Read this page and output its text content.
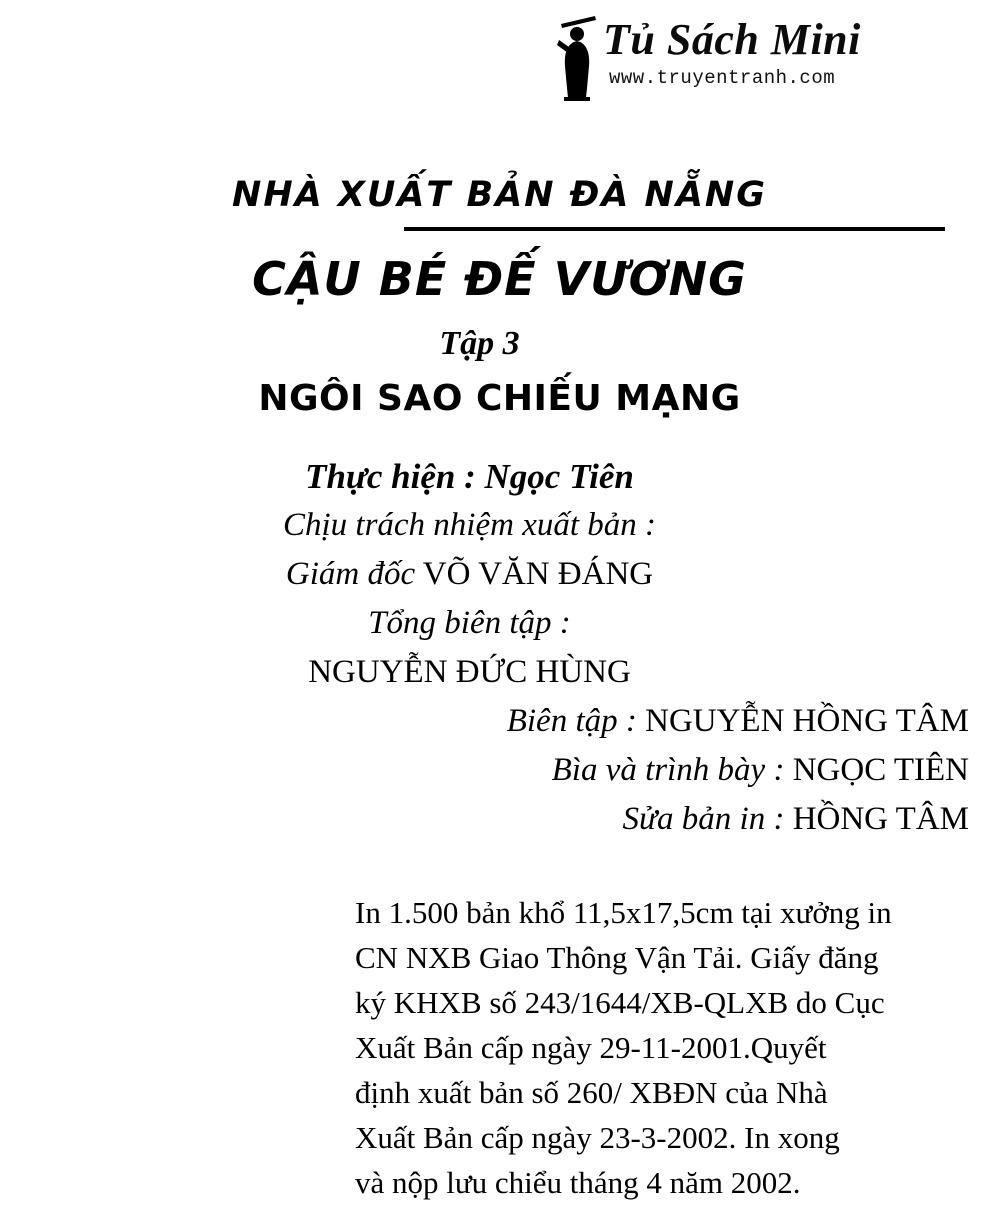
Tủ Sách Mini
www.truyentranh.com
NHÀ XUẤT BẢN ĐÀ NẴNG
CẬU BÉ ĐẾ VƯƠNG
Tập 3
NGÔI SAO CHIẾU MẠNG
Thực hiện : Ngọc Tiên
Chịu trách nhiệm xuất bản :
Giám đốc VÕ VĂN ĐÁNG
Tổng biên tập :
NGUYỄN ĐỨC HÙNG
Biên tập : NGUYỄN HỒNG TÂM
Bìa và trình bày : NGỌC TIÊN
Sửa bản in : HỒNG TÂM
In 1.500 bản khổ 11,5x17,5cm tại xưởng in
CN NXB Giao Thông Vận Tải. Giấy đăng
ký KHXB số 243/1644/XB-QLXB do Cục
Xuất Bản cấp ngày 29-11-2001.Quyết
định xuất bản số 260/ XBĐN của Nhà
Xuất Bản cấp ngày 23-3-2002. In xong
và nộp lưu chiểu tháng 4 năm 2002.
